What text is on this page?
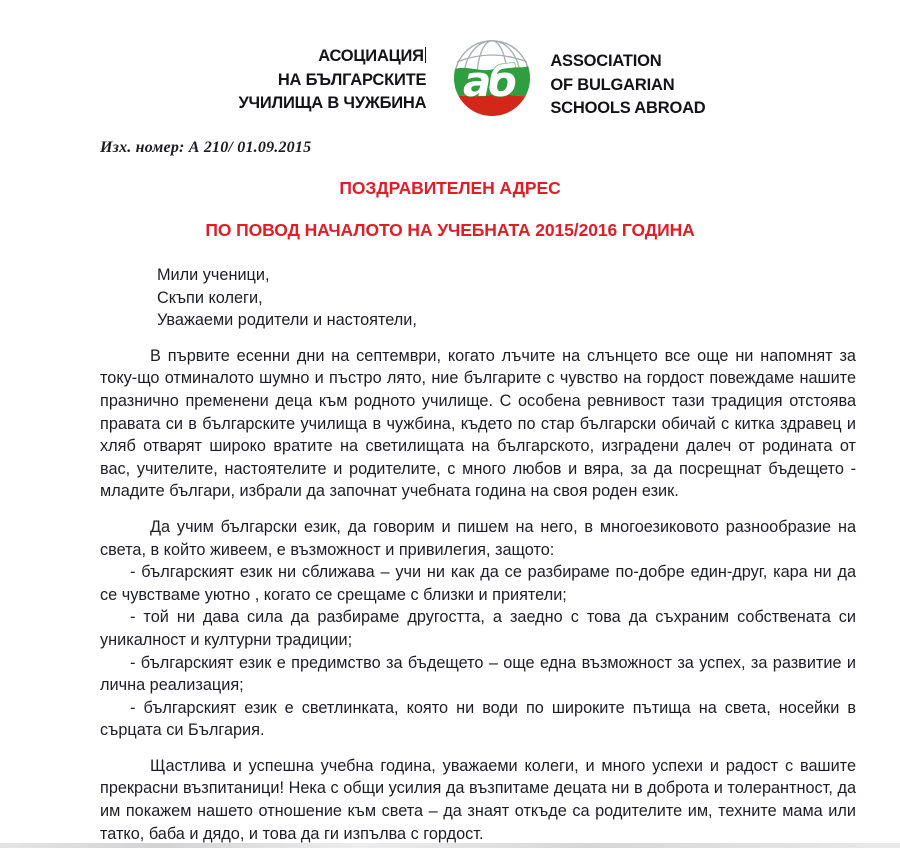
АСОЦИАЦИЯ
НА БЪЛГАРСКИТЕ
УЧИЛИЩА В ЧУЖБИНА аб ASSOCIATION
OF BULGARIAN
SCHOOLS ABROAD
Изх. номер: А 210/ 01.09.2015
ПОЗДРАВИТЕЛЕН АДРЕС
ПО ПОВОД НАЧАЛОТО НА УЧЕБНАТА 2015/2016 ГОДИНА
Мили ученици,
Скъпи колеги,
Уважаеми родители и настоятели,

В първите есенни дни на септември, когато лъчите на слънцето все още ни напомнят за току-що отминалото шумно и пъстро лято, ние българите с чувство на гордост повеждаме нашите празнично пременени деца към родното училище. С особена ревнивост тази традиция отстоява правата си в българските училища в чужбина, където по стар български обичай с китка здравец и хляб отварят широко вратите на светилищата на българското, изградени далеч от родината от вас, учителите, настоятелите и родителите, с много любов и вяра, за да посрещнат бъдещето - младите българи, избрали да започнат учебната година на своя роден език.

Да учим български език, да говорим и пишем на него, в многоезиковото разнообразие на света, в който живеем, е възможност и привилегия, защото:

- българският език ни сближава – учи ни как да се разбираме по-добре един-друг, кара ни да се чувстваме уютно , когато се срещаме с близки и приятели;

- той ни дава сила да разбираме другостта, а заедно с това да съхраним собствената си уникалност и културни традиции;

- българският език е предимство за бъдещето – още една възможност за успех, за развитие и лична реализация;

- българският език е светлинката, която ни води по широките пътища на света, носейки в сърцата си България.

Щастлива и успешна учебна година, уважаеми колеги, и много успехи и радост с вашите прекрасни възпитаници! Нека с общи усилия да възпитаме децата ни в доброта и толерантност, да им покажем нашето отношение към света – да знаят откъде са родителите им, техните мама или татко, баба и дядо, и това да ги изпълва с гордост.
